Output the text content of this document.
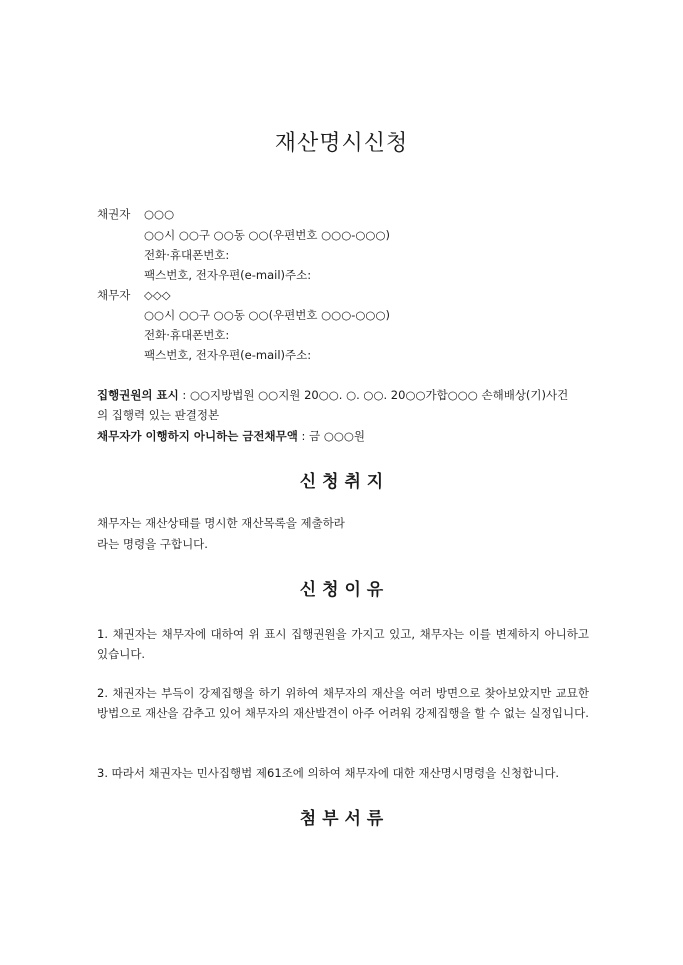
재산명시신청
채권자 ○○○
○○시 ○○구 ○○동 ○○(우편번호 ○○○-○○○)
전화‧휴대폰번호:
팩스번호, 전자우편(e-mail)주소:
채무자 ◇◇◇
○○시 ○○구 ○○동 ○○(우편번호 ○○○-○○○)
전화‧휴대폰번호:
팩스번호, 전자우편(e-mail)주소:
집행권원의 표시 : ○○지방법원 ○○지원 20○○. ○. ○○. 20○○가합○○○ 손해배상(기)사건
의 집행력 있는 판결정본
채무자가 이행하지 아니하는 금전채무액 : 금 ○○○원
신 청 취 지
채무자는 재산상태를 명시한 재산목록을 제출하라
라는 명령을 구합니다.
신 청 이 유
1. 채권자는 채무자에 대하여 위 표시 집행권원을 가지고 있고, 채무자는 이를 변제하지 아니하고 있습니다.
2. 채권자는 부득이 강제집행을 하기 위하여 채무자의 재산을 여러 방면으로 찾아보았지만 교묘한 방법으로 재산을 감추고 있어 채무자의 재산발견이 아주 어려워 강제집행을 할 수 없는 실정입니다.
3. 따라서 채권자는 민사집행법 제61조에 의하여 채무자에 대한 재산명시명령을 신청합니다.
첨 부 서 류
